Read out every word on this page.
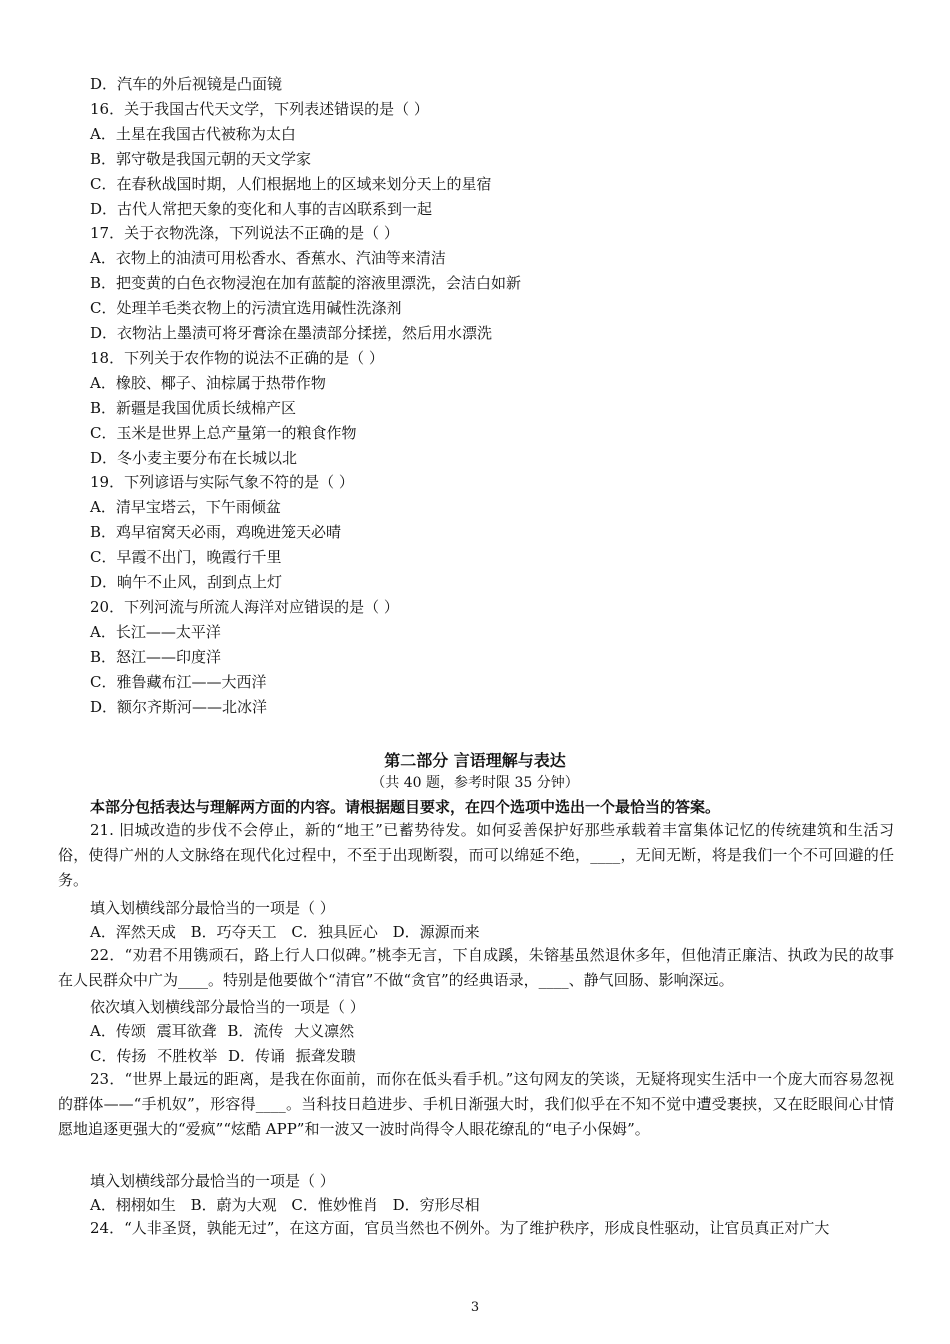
D．汽车的外后视镜是凸面镜
16．关于我国古代天文学，下列表述错误的是（ ）
A．土星在我国古代被称为太白
B．郭守敬是我国元朝的天文学家
C．在春秋战国时期，人们根据地上的区域来划分天上的星宿
D．古代人常把天象的变化和人事的吉凶联系到一起
17．关于衣物洗涤，下列说法不正确的是（ ）
A．衣物上的油渍可用松香水、香蕉水、汽油等来清洁
B．把变黄的白色衣物浸泡在加有蓝靛的溶液里漂洗，会洁白如新
C．处理羊毛类衣物上的污渍宜选用碱性洗涤剂
D．衣物沾上墨渍可将牙膏涂在墨渍部分揉搓，然后用水漂洗
18．下列关于农作物的说法不正确的是（ ）
A．橡胶、椰子、油棕属于热带作物
B．新疆是我国优质长绒棉产区
C．玉米是世界上总产量第一的粮食作物
D．冬小麦主要分布在长城以北
19．下列谚语与实际气象不符的是（ ）
A．清早宝塔云，下午雨倾盆
B．鸡早宿窝天必雨，鸡晚进笼天必晴
C．早霞不出门，晚霞行千里
D．晌午不止风，刮到点上灯
20．下列河流与所流人海洋对应错误的是（ ）
A．长江——太平洋
B．怒江——印度洋
C．雅鲁藏布江——大西洋
D．额尔齐斯河——北冰洋
第二部分 言语理解与表达
（共 40 题，参考时限 35 分钟）
本部分包括表达与理解两方面的内容。请根据题目要求，在四个选项中选出一个最恰当的答案。
21. 旧城改造的步伐不会停止，新的“地王”已蓄势待发。如何妥善保护好那些承载着丰富集体记忆的传统建筑和生活习俗，使得广州的人文脉络在现代化过程中，不至于出现断裂，而可以绵延不绝，____，无间无断，将是我们一个不可回避的任务。
填入划横线部分最恰当的一项是（ ）
A．浑然天成 B．巧夺天工 C．独具匠心 D．源源而来
22．“劝君不用镌顽石，路上行人口似碑。”桃李无言，下自成蹊，朱镕基虽然退休多年，但他清正廉洁、执政为民的故事在人民群众中广为____。特别是他要做个“清官”不做“贪官”的经典语录，____、静气回肠、影响深远。
依次填入划横线部分最恰当的一项是（ ）
A．传颂 震耳欲聋 B．流传 大义凛然
C．传扬 不胜枚举 D．传诵 振聋发聩
23．“世界上最远的距离，是我在你面前，而你在低头看手机。”这句网友的笑谈，无疑将现实生活中一个庞大而容易忽视的群体——“手机奴”，形容得____。当科技日趋进步、手机日渐强大时，我们似乎在不知不觉中遭受裹挟，又在眨眼间心甘情愿地追逐更强大的“爱疯”“炫酷 APP”和一波又一波时尚得令人眼花缭乱的“电子小保姆”。
填入划横线部分最恰当的一项是（ ）
A．栩栩如生 B．蔚为大观 C．惟妙惟肖 D．穷形尽相
24．“人非圣贤，孰能无过”，在这方面，官员当然也不例外。为了维护秩序，形成良性驱动，让官员真正对广大
3
